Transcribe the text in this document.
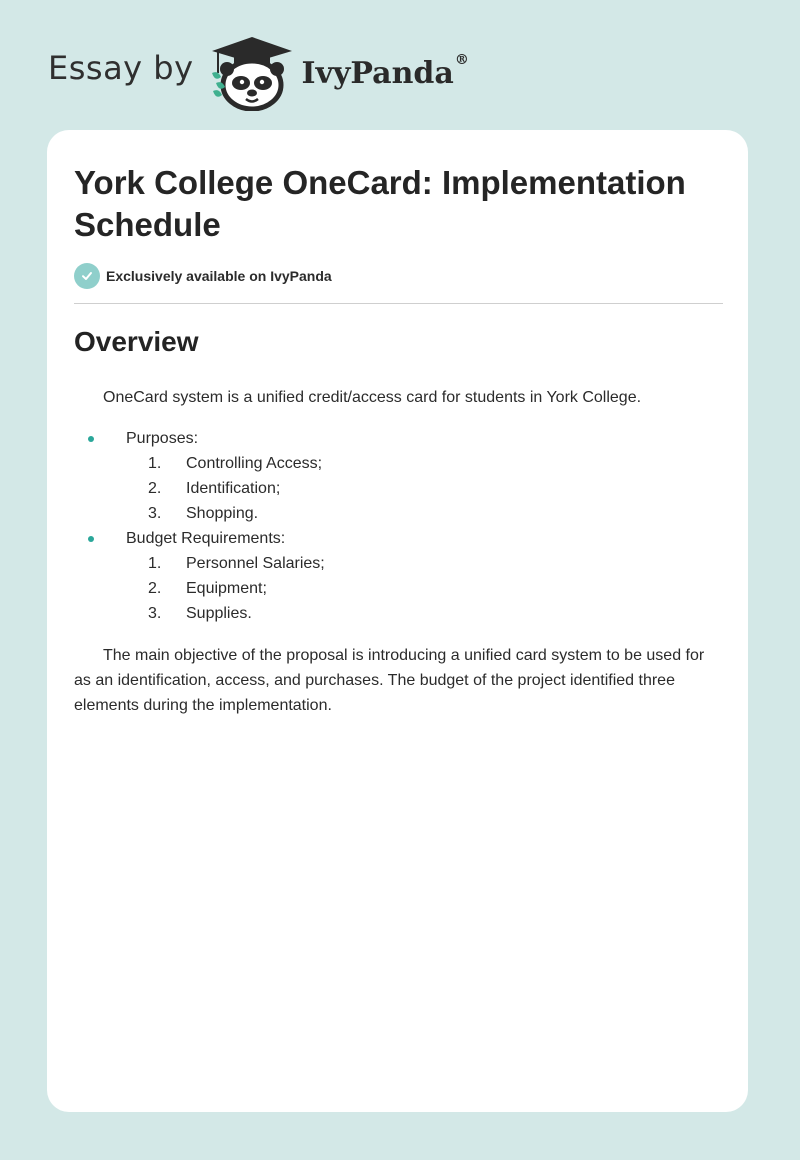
Essay by	IvyPanda®
York College OneCard: Implementation Schedule
Exclusively available on IvyPanda
Overview

OneCard system is a unified credit/access card for students in York College.

Purposes:
1. Controlling Access;
2. Identification;
3. Shopping.
Budget Requirements:
1. Personnel Salaries;
2. Equipment;
3. Supplies.

The main objective of the proposal is introducing a unified card system to be used for as an identification, access, and purchases. The budget of the project identified three elements during the implementation.
